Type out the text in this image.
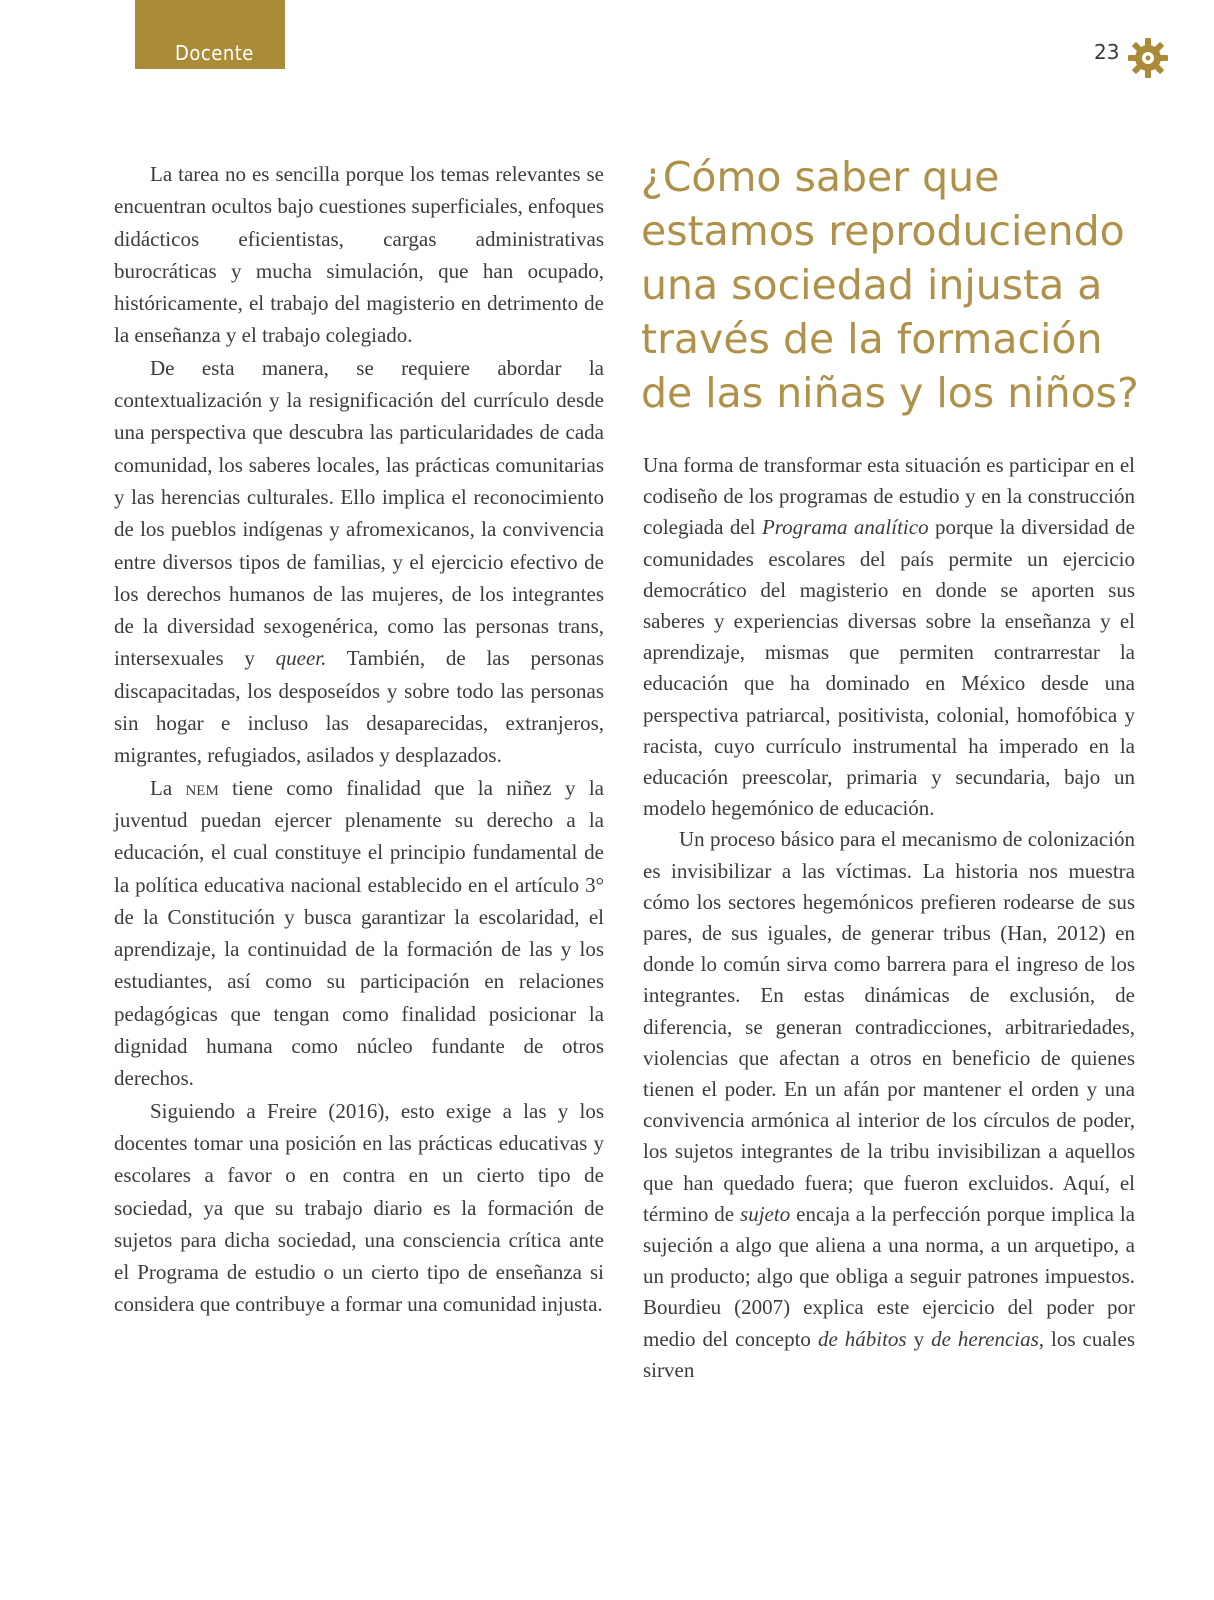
Docente	23

La tarea no es sencilla porque los temas relevantes se encuentran ocultos bajo cuestiones superficiales, enfoques didácticos eficientistas, cargas administrativas burocráticas y mucha simulación, que han ocupado, históricamente, el trabajo del magisterio en detrimento de la enseñanza y el trabajo colegiado.

De esta manera, se requiere abordar la contextualización y la resignificación del currículo desde una perspectiva que descubra las particularidades de cada comunidad, los saberes locales, las prácticas comunitarias y las herencias culturales. Ello implica el reconocimiento de los pueblos indígenas y afromexicanos, la convivencia entre diversos tipos de familias, y el ejercicio efectivo de los derechos humanos de las mujeres, de los integrantes de la diversidad sexogenérica, como las personas trans, intersexuales y queer. También, de las personas discapacitadas, los desposeídos y sobre todo las personas sin hogar e incluso las desaparecidas, extranjeros, migrantes, refugiados, asilados y desplazados.

La nem tiene como finalidad que la niñez y la juventud puedan ejercer plenamente su derecho a la educación, el cual constituye el principio fundamental de la política educativa nacional establecido en el artículo 3° de la Constitución y busca garantizar la escolaridad, el aprendizaje, la continuidad de la formación de las y los estudiantes, así como su participación en relaciones pedagógicas que tengan como finalidad posicionar la dignidad humana como núcleo fundante de otros derechos.

Siguiendo a Freire (2016), esto exige a las y los docentes tomar una posición en las prácticas educativas y escolares a favor o en contra en un cierto tipo de sociedad, ya que su trabajo diario es la formación de sujetos para dicha sociedad, una consciencia crítica ante el Programa de estudio o un cierto tipo de enseñanza si considera que contribuye a formar una comunidad injusta.

¿Cómo saber que
estamos reproduciendo
una sociedad injusta a
través de la formación
de las niñas y los niños?

Una forma de transformar esta situación es participar en el codiseño de los programas de estudio y en la construcción colegiada del Programa analítico porque la diversidad de comunidades escolares del país permite un ejercicio democrático del magisterio en donde se aporten sus saberes y experiencias diversas sobre la enseñanza y el aprendizaje, mismas que permiten contrarrestar la educación que ha dominado en México desde una perspectiva patriarcal, positivista, colonial, homofóbica y racista, cuyo currículo instrumental ha imperado en la educación preescolar, primaria y secundaria, bajo un modelo hegemónico de educación.

Un proceso básico para el mecanismo de colonización es invisibilizar a las víctimas. La historia nos muestra cómo los sectores hegemónicos prefieren rodearse de sus pares, de sus iguales, de generar tribus (Han, 2012) en donde lo común sirva como barrera para el ingreso de los integrantes. En estas dinámicas de exclusión, de diferencia, se generan contradicciones, arbitrariedades, violencias que afectan a otros en beneficio de quienes tienen el poder. En un afán por mantener el orden y una convivencia armónica al interior de los círculos de poder, los sujetos integrantes de la tribu invisibilizan a aquellos que han quedado fuera; que fueron excluidos. Aquí, el término de sujeto encaja a la perfección porque implica la sujeción a algo que aliena a una norma, a un arquetipo, a un producto; algo que obliga a seguir patrones impuestos. Bourdieu (2007) explica este ejercicio del poder por medio del concepto de hábitos y de herencias, los cuales sirven
